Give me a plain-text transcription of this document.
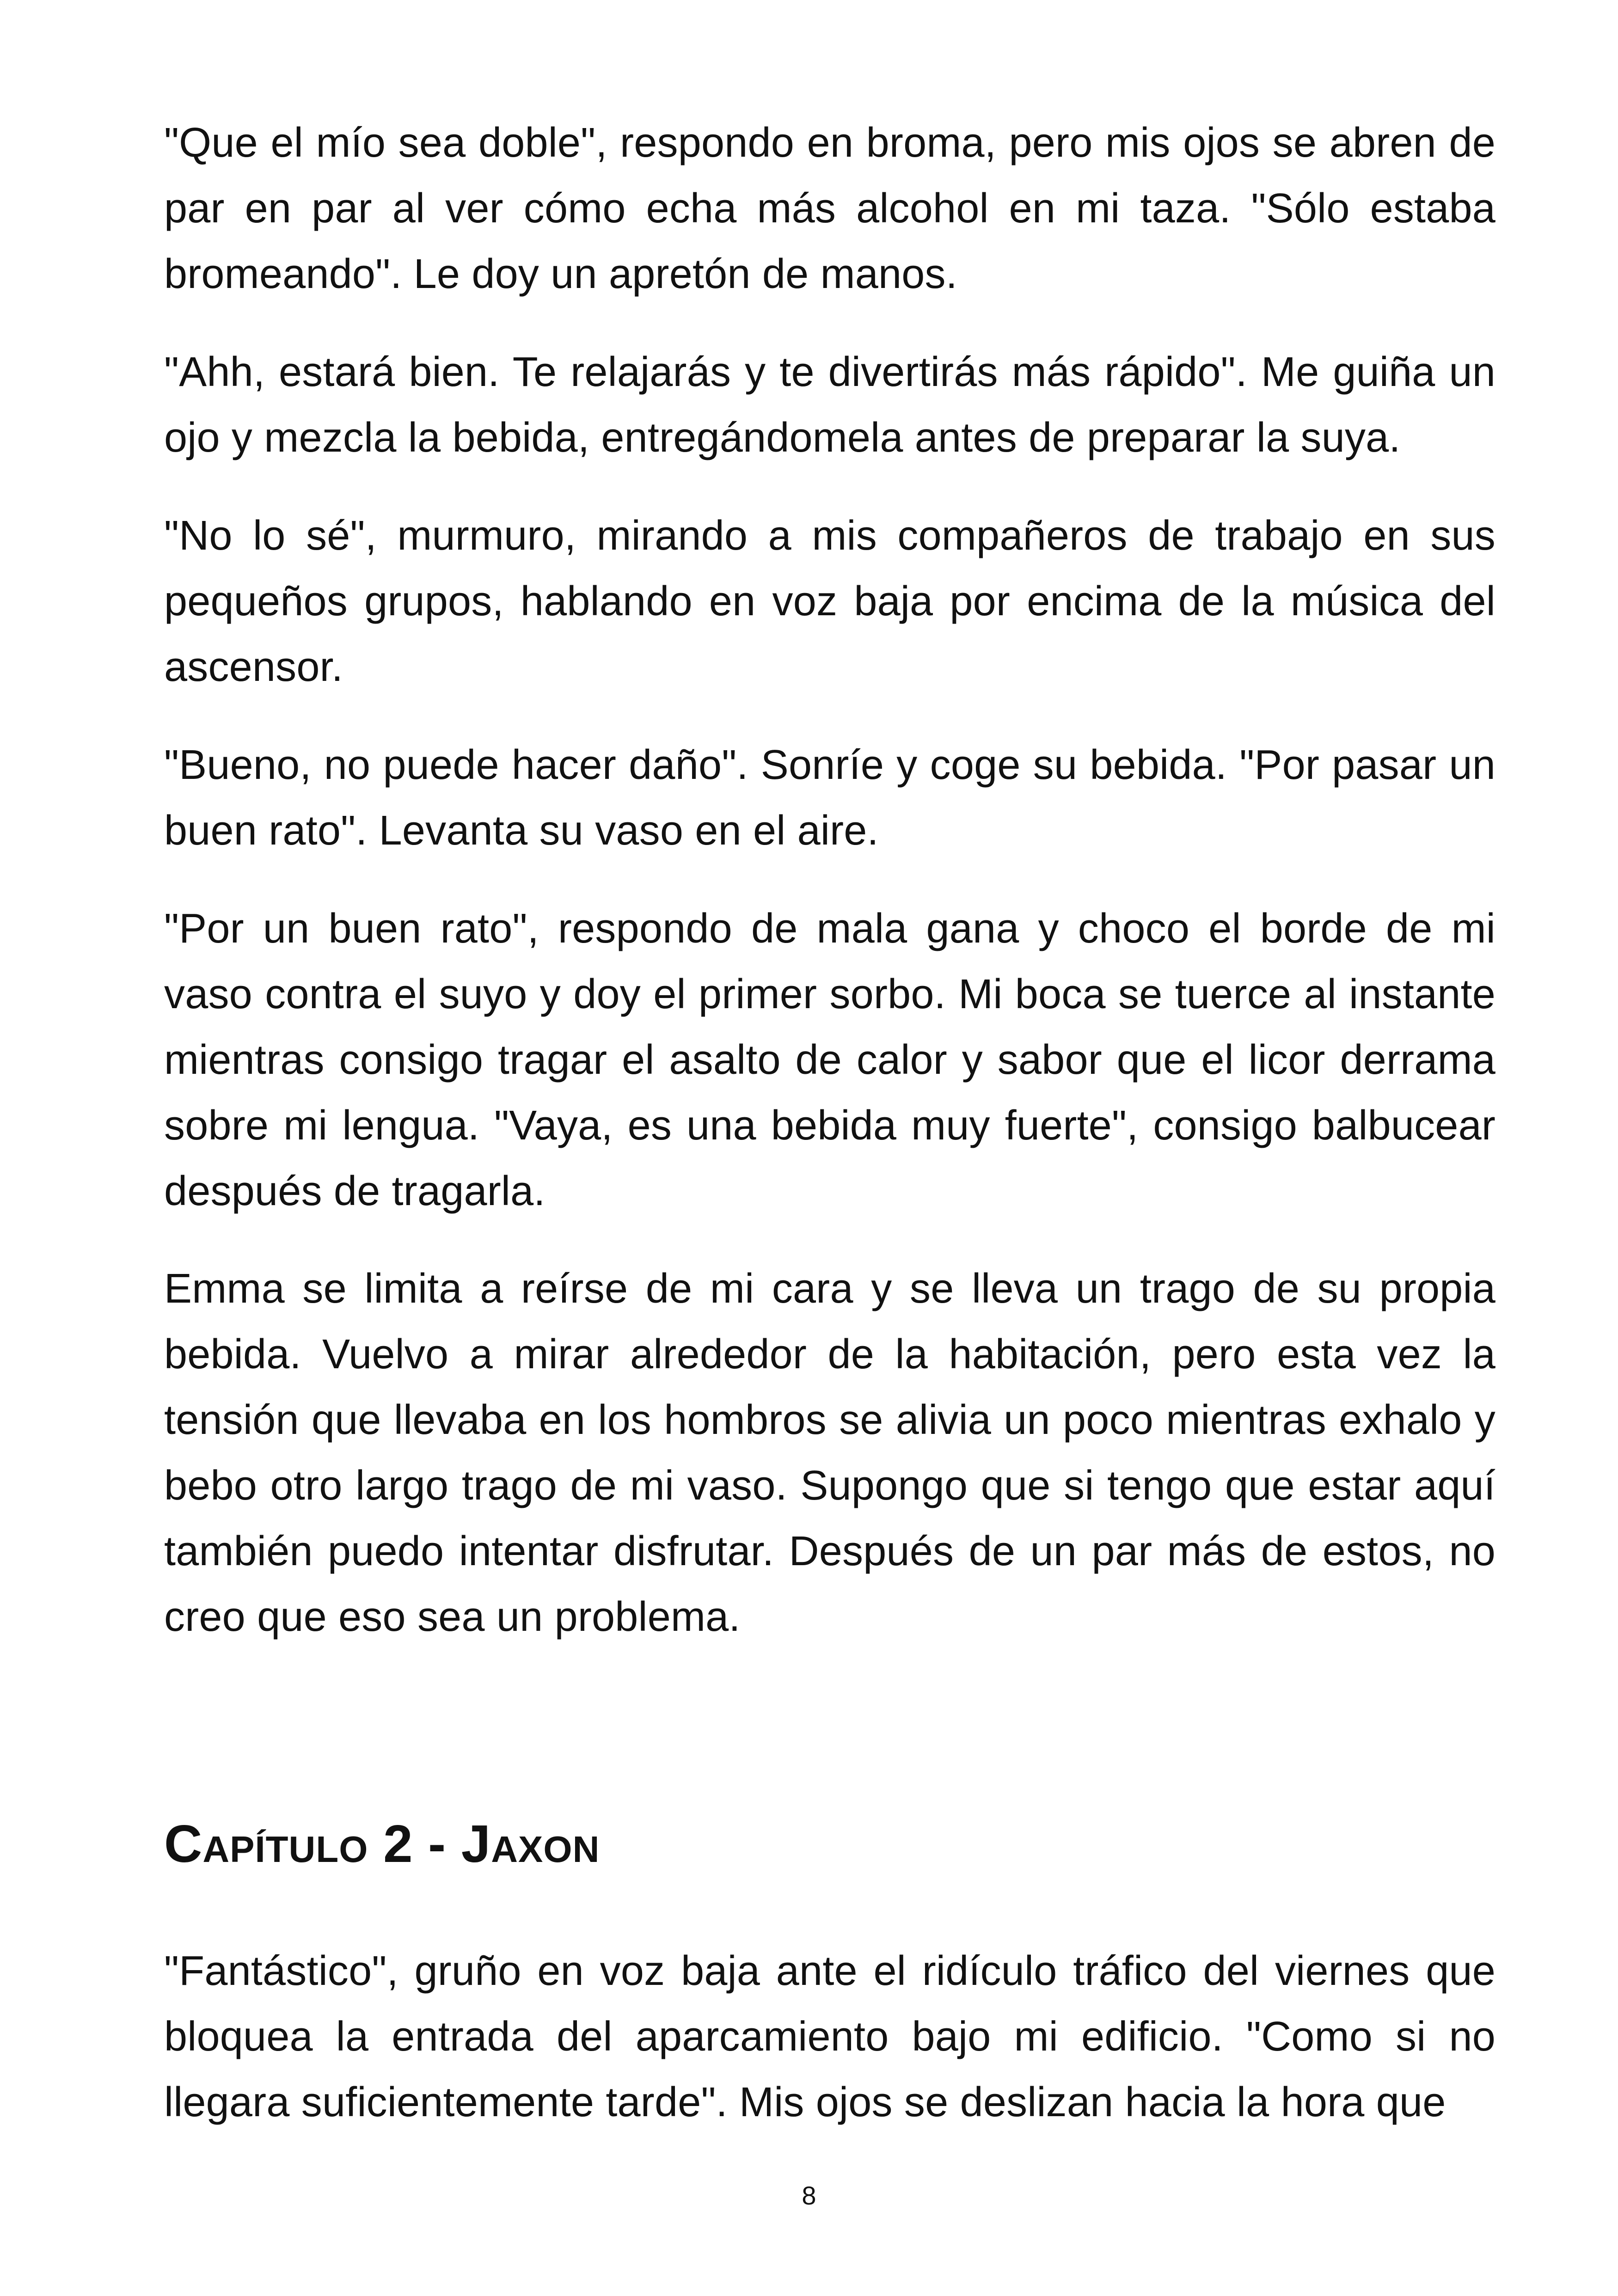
"Que el mío sea doble", respondo en broma, pero mis ojos se abren de par en par al ver cómo echa más alcohol en mi taza. "Sólo estaba bromeando". Le doy un apretón de manos.

"Ahh, estará bien. Te relajarás y te divertirás más rápido". Me guiña un ojo y mezcla la bebida, entregándomela antes de preparar la suya.

"No lo sé", murmuro, mirando a mis compañeros de trabajo en sus pequeños grupos, hablando en voz baja por encima de la música del ascensor.

"Bueno, no puede hacer daño". Sonríe y coge su bebida. "Por pasar un buen rato". Levanta su vaso en el aire.

"Por un buen rato", respondo de mala gana y choco el borde de mi vaso contra el suyo y doy el primer sorbo. Mi boca se tuerce al instante mientras consigo tragar el asalto de calor y sabor que el licor derrama sobre mi lengua. "Vaya, es una bebida muy fuerte", consigo balbucear después de tragarla.

Emma se limita a reírse de mi cara y se lleva un trago de su propia bebida. Vuelvo a mirar alrededor de la habitación, pero esta vez la tensión que llevaba en los hombros se alivia un poco mientras exhalo y bebo otro largo trago de mi vaso. Supongo que si tengo que estar aquí también puedo intentar disfrutar. Después de un par más de estos, no creo que eso sea un problema.

Capítulo 2 - Jaxon

"Fantástico", gruño en voz baja ante el ridículo tráfico del viernes que bloquea la entrada del aparcamiento bajo mi edificio. "Como si no llegara suficientemente tarde". Mis ojos se deslizan hacia la hora que

8
